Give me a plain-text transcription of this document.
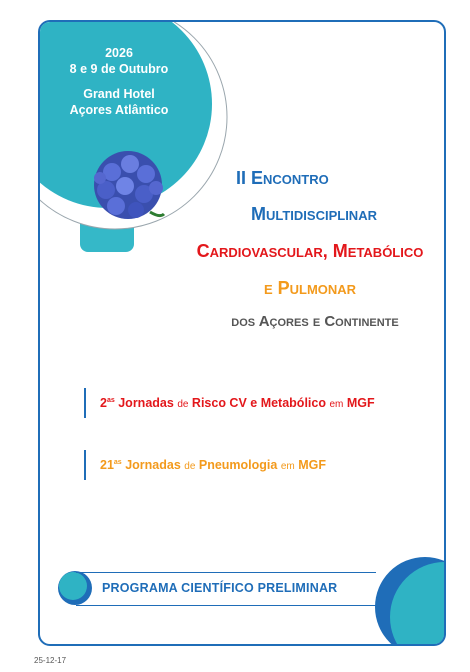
2026
8 e 9 de Outubro
Grand Hotel
Açores Atlântico
II Encontro
Multidisciplinar
Cardiovascular, Metabólico
e Pulmonar
dos Açores e Continente
$2^{as}$ Jornadas de Risco CV e Metabólico em MGF
$21^{as}$ Jornadas de Pneumologia em MGF
PROGRAMA CIENTÍFICO PRELIMINAR
25-12-17
